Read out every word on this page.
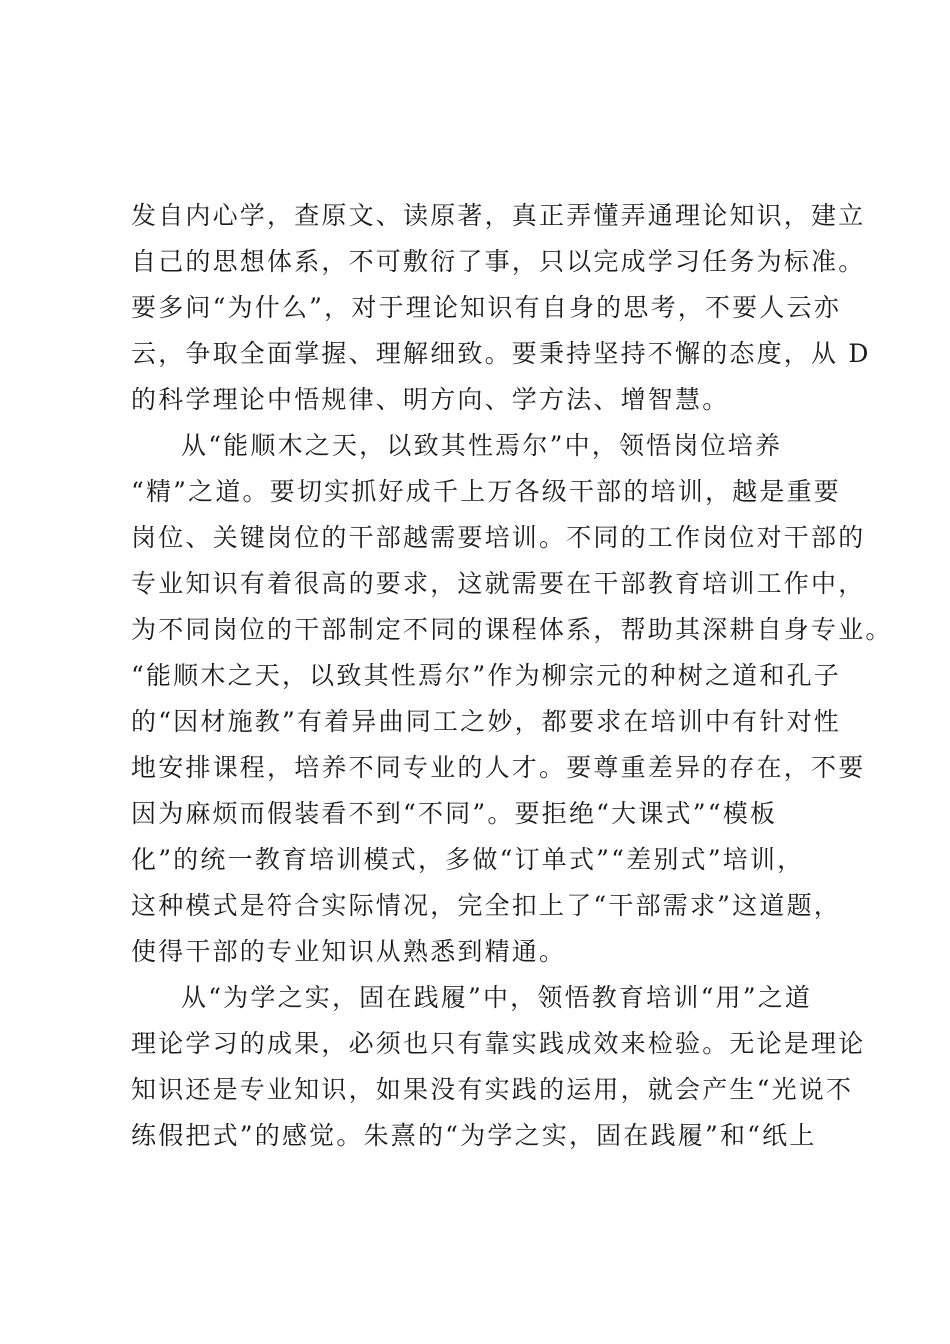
发自内心学，查原文、读原著，真正弄懂弄通理论知识，建立
自己的思想体系，不可敷衍了事，只以完成学习任务为标准。
要多问“为什么”，对于理论知识有自身的思考，不要人云亦
云，争取全面掌握、理解细致。要秉持坚持不懈的态度，从 D
的科学理论中悟规律、明方向、学方法、增智慧。
从“能顺木之天，以致其性焉尔”中，领悟岗位培养
“精”之道。要切实抓好成千上万各级干部的培训，越是重要
岗位、关键岗位的干部越需要培训。不同的工作岗位对干部的
专业知识有着很高的要求，这就需要在干部教育培训工作中，
为不同岗位的干部制定不同的课程体系，帮助其深耕自身专业。
“能顺木之天，以致其性焉尔”作为柳宗元的种树之道和孔子
的“因材施教”有着异曲同工之妙，都要求在培训中有针对性
地安排课程，培养不同专业的人才。要尊重差异的存在，不要
因为麻烦而假装看不到“不同”。要拒绝“大课式”“模板
化”的统一教育培训模式，多做“订单式”“差别式”培训，
这种模式是符合实际情况，完全扣上了“干部需求”这道题，
使得干部的专业知识从熟悉到精通。
从“为学之实，固在践履”中，领悟教育培训“用”之道
理论学习的成果，必须也只有靠实践成效来检验。无论是理论
知识还是专业知识，如果没有实践的运用，就会产生“光说不
练假把式”的感觉。朱熹的“为学之实，固在践履”和“纸上
